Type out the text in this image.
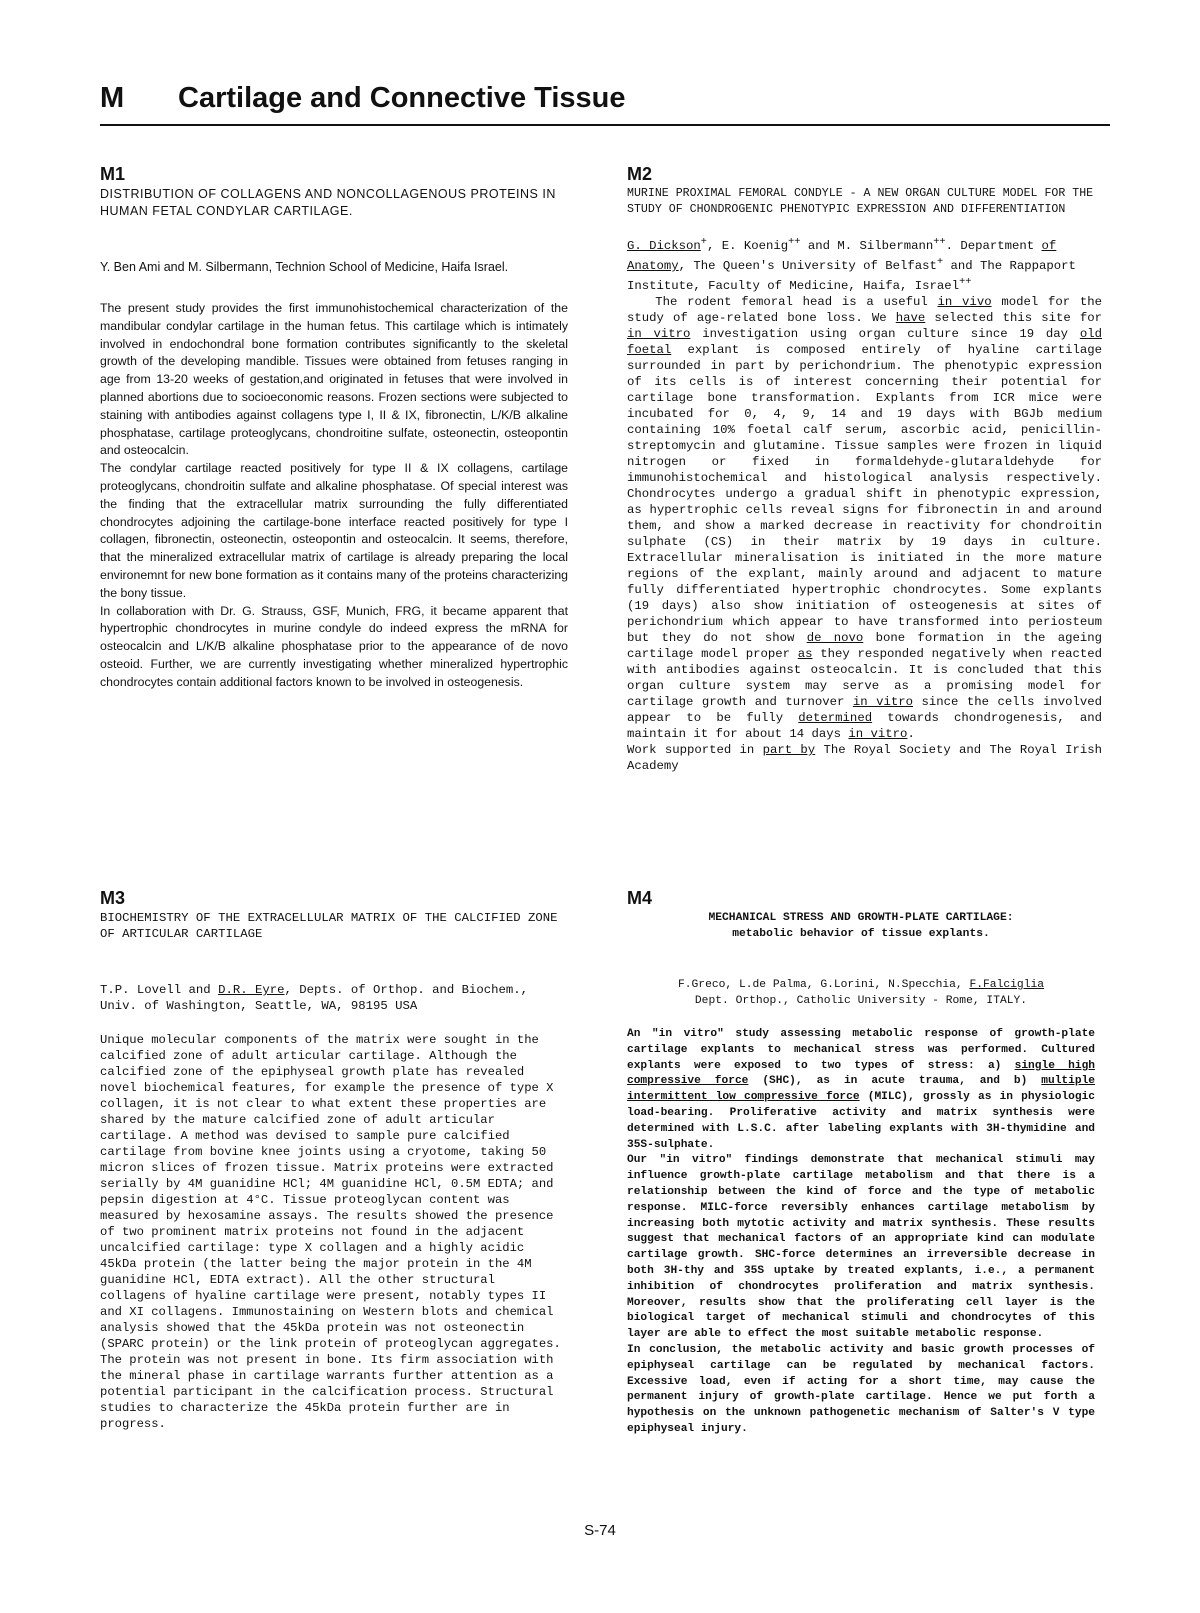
M Cartilage and Connective Tissue
M1
DISTRIBUTION OF COLLAGENS AND NONCOLLAGENOUS PROTEINS IN HUMAN FETAL CONDYLAR CARTILAGE.
Y. Ben Ami and M. Silbermann, Technion School of Medicine, Haifa Israel.

The present study provides the first immunohistochemical characterization of the mandibular condylar cartilage in the human fetus. This cartilage which is intimately involved in endochondral bone formation contributes significantly to the skeletal growth of the developing mandible. Tissues were obtained from fetuses ranging in age from 13-20 weeks of gestation,and originated in fetuses that were involved in planned abortions due to socioeconomic reasons. Frozen sections were subjected to staining with antibodies against collagens type I, II & IX, fibronectin, L/K/B alkaline phosphatase, cartilage proteoglycans, chondroitine sulfate, osteonectin, osteopontin and osteocalcin.

The condylar cartilage reacted positively for type II & IX collagens, cartilage proteoglycans, chondroitin sulfate and alkaline phosphatase. Of special interest was the finding that the extracellular matrix surrounding the fully differentiated chondrocytes adjoining the cartilage-bone interface reacted positively for type I collagen, fibronectin, osteonectin, osteopontin and osteocalcin. It seems, therefore, that the mineralized extracellular matrix of cartilage is already preparing the local environemnt for new bone formation as it contains many of the proteins characterizing the bony tissue.

In collaboration with Dr. G. Strauss, GSF, Munich, FRG, it became apparent that hypertrophic chondrocytes in murine condyle do indeed express the mRNA for osteocalcin and L/K/B alkaline phosphatase prior to the appearance of de novo osteoid. Further, we are currently investigating whether mineralized hypertrophic chondrocytes contain additional factors known to be involved in osteogenesis.

M2
MURINE PROXIMAL FEMORAL CONDYLE - A NEW ORGAN CULTURE MODEL FOR THE STUDY OF CHONDROGENIC PHENOTYPIC EXPRESSION AND DIFFERENTIATION
G. Dickson+, E. Koenig++ and M. Silbermann++. Department of Anatomy, The Queen's University of Belfast+ and The Rappaport Institute, Faculty of Medicine, Haifa, Israel++

The rodent femoral head is a useful in vivo model for the study of age-related bone loss. We have selected this site for in vitro investigation using organ culture since 19 day old foetal explant is composed entirely of hyaline cartilage surrounded in part by perichondrium. The phenotypic expression of its cells is of interest concerning their potential for cartilage bone transformation. Explants from ICR mice were incubated for 0, 4, 9, 14 and 19 days with BGJb medium containing 10% foetal calf serum, ascorbic acid, penicillin-streptomycin and glutamine. Tissue samples were frozen in liquid nitrogen or fixed in formaldehyde-glutaraldehyde for immunohistochemical and histological analysis respectively. Chondrocytes undergo a gradual shift in phenotypic expression, as hypertrophic cells reveal signs for fibronectin in and around them, and show a marked decrease in reactivity for chondroitin sulphate (CS) in their matrix by 19 days in culture. Extracellular mineralisation is initiated in the more mature regions of the explant, mainly around and adjacent to mature fully differentiated hypertrophic chondrocytes. Some explants (19 days) also show initiation of osteogenesis at sites of perichondrium which appear to have transformed into periosteum but they do not show de novo bone formation in the ageing cartilage model proper as they responded negatively when reacted with antibodies against osteocalcin. It is concluded that this organ culture system may serve as a promising model for cartilage growth and turnover in vitro since the cells involved appear to be fully determined towards chondrogenesis, and maintain it for about 14 days in vitro.

Work supported in part by The Royal Society and The Royal Irish Academy

M3
BIOCHEMISTRY OF THE EXTRACELLULAR MATRIX OF THE CALCIFIED ZONE OF ARTICULAR CARTILAGE
T.P. Lovell and D.R. Eyre, Depts. of Orthop. and Biochem., Univ. of Washington, Seattle, WA, 98195 USA

Unique molecular components of the matrix were sought in the calcified zone of adult articular cartilage. Although the calcified zone of the epiphyseal growth plate has revealed novel biochemical features, for example the presence of type X collagen, it is not clear to what extent these properties are shared by the mature calcified zone of adult articular cartilage. A method was devised to sample pure calcified cartilage from bovine knee joints using a cryotome, taking 50 micron slices of frozen tissue. Matrix proteins were extracted serially by 4M guanidine HCl; 4M guanidine HCl, 0.5M EDTA; and pepsin digestion at 4°C. Tissue proteoglycan content was measured by hexosamine assays. The results showed the presence of two prominent matrix proteins not found in the adjacent uncalcified cartilage: type X collagen and a highly acidic 45kDa protein (the latter being the major protein in the 4M guanidine HCl, EDTA extract). All the other structural collagens of hyaline cartilage were present, notably types II and XI collagens. Immunostaining on Western blots and chemical analysis showed that the 45kDa protein was not osteonectin (SPARC protein) or the link protein of proteoglycan aggregates. The protein was not present in bone. Its firm association with the mineral phase in cartilage warrants further attention as a potential participant in the calcification process. Structural studies to characterize the 45kDa protein further are in progress.

M4
MECHANICAL STRESS AND GROWTH-PLATE CARTILAGE:
metabolic behavior of tissue explants.
F.Greco, L.de Palma, G.Lorini, N.Specchia, F.Falciglia
Dept. Orthop., Catholic University - Rome, ITALY.

An "in vitro" study assessing metabolic response of growth-plate cartilage explants to mechanical stress was performed. Cultured explants were exposed to two types of stress: a) single high compressive force (SHC), as in acute trauma, and b) multiple intermittent low compressive force (MILC), grossly as in physiologic load-bearing. Proliferative activity and matrix synthesis were determined with L.S.C. after labeling explants with 3H-thymidine and 35S-sulphate.

Our "in vitro" findings demonstrate that mechanical stimuli may influence growth-plate cartilage metabolism and that there is a relationship between the kind of force and the type of metabolic response. MILC-force reversibly enhances cartilage metabolism by increasing both mytotic activity and matrix synthesis. These results suggest that mechanical factors of an appropriate kind can modulate cartilage growth. SHC-force determines an irreversible decrease in both 3H-thy and 35S uptake by treated explants, i.e., a permanent inhibition of chondrocytes proliferation and matrix synthesis. Moreover, results show that the proliferating cell layer is the biological target of mechanical stimuli and chondrocytes of this layer are able to effect the most suitable metabolic response.

In conclusion, the metabolic activity and basic growth processes of epiphyseal cartilage can be regulated by mechanical factors. Excessive load, even if acting for a short time, may cause the permanent injury of growth-plate cartilage. Hence we put forth a hypothesis on the unknown pathogenetic mechanism of Salter's V type epiphyseal injury.

S-74
